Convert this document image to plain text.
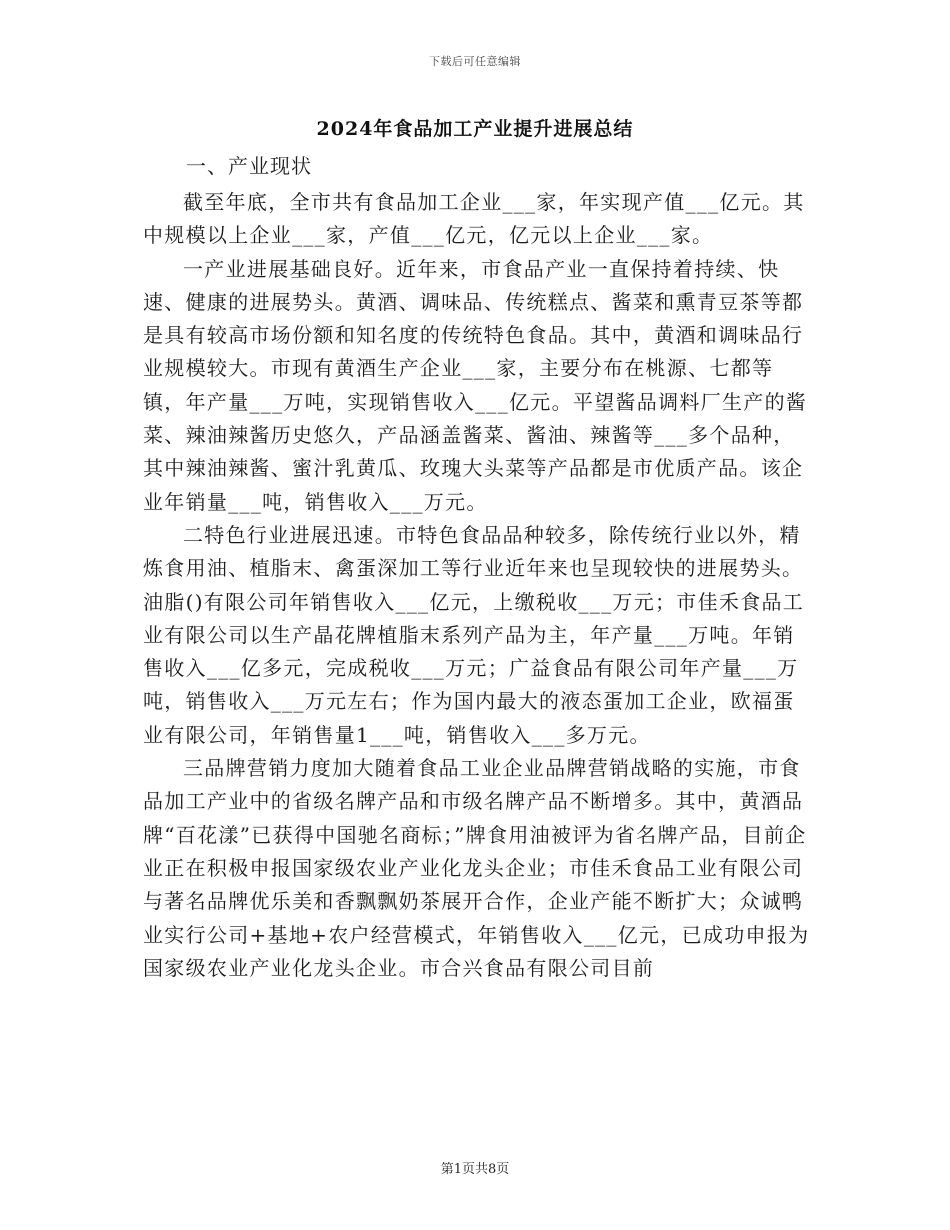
下载后可任意编辑
2024年食品加工产业提升进展总结
一、产业现状

截至年底，全市共有食品加工企业___家，年实现产值___亿元。其中规模以上企业___家，产值___亿元，亿元以上企业___家。

一产业进展基础良好。近年来，市食品产业一直保持着持续、快速、健康的进展势头。黄酒、调味品、传统糕点、酱菜和熏青豆茶等都是具有较高市场份额和知名度的传统特色食品。其中，黄酒和调味品行业规模较大。市现有黄酒生产企业___家，主要分布在桃源、七都等镇，年产量___万吨，实现销售收入___亿元。平望酱品调料厂生产的酱菜、辣油辣酱历史悠久，产品涵盖酱菜、酱油、辣酱等___多个品种，其中辣油辣酱、蜜汁乳黄瓜、玫瑰大头菜等产品都是市优质产品。该企业年销量___吨，销售收入___万元。

二特色行业进展迅速。市特色食品品种较多，除传统行业以外，精炼食用油、植脂末、禽蛋深加工等行业近年来也呈现较快的进展势头。油脂()有限公司年销售收入___亿元，上缴税收___万元；市佳禾食品工业有限公司以生产晶花牌植脂末系列产品为主，年产量___万吨。年销售收入___亿多元，完成税收___万元；广益食品有限公司年产量___万吨，销售收入___万元左右；作为国内最大的液态蛋加工企业，欧福蛋业有限公司，年销售量1___吨，销售收入___多万元。

三品牌营销力度加大随着食品工业企业品牌营销战略的实施，市食品加工产业中的省级名牌产品和市级名牌产品不断增多。其中，黄酒品牌“百花漾”已获得中国驰名商标；”牌食用油被评为省名牌产品，目前企业正在积极申报国家级农业产业化龙头企业；市佳禾食品工业有限公司与著名品牌优乐美和香飘飘奶茶展开合作，企业产能不断扩大；众诚鸭业实行公司+基地+农户经营模式，年销售收入___亿元，已成功申报为国家级农业产业化龙头企业。市合兴食品有限公司目前

第1页共8页
